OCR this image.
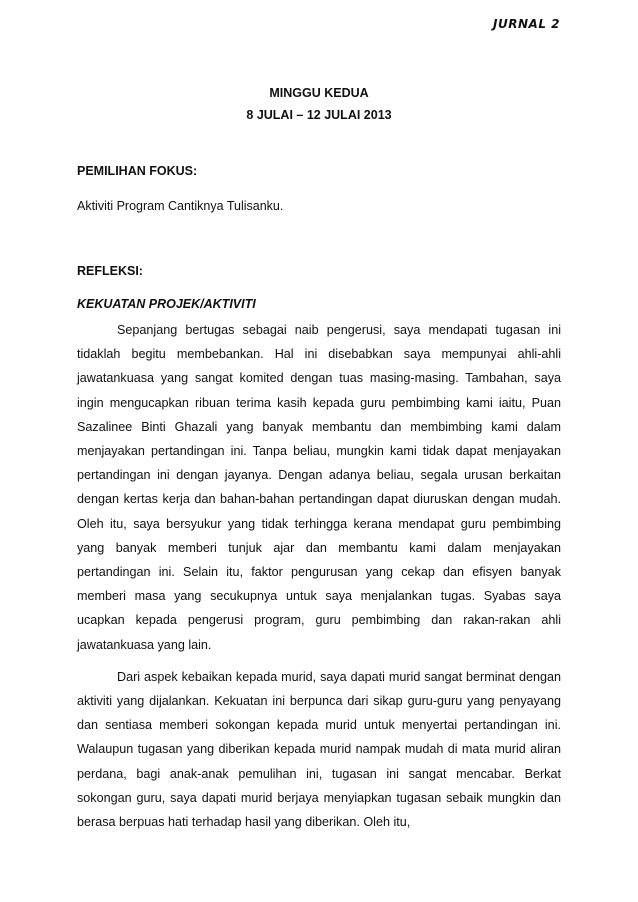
JURNAL 2
MINGGU KEDUA
8 JULAI – 12 JULAI 2013
PEMILIHAN FOKUS:
Aktiviti Program Cantiknya Tulisanku.
REFLEKSI:
KEKUATAN PROJEK/AKTIVITI

Sepanjang bertugas sebagai naib pengerusi, saya mendapati tugasan ini tidaklah begitu membebankan. Hal ini disebabkan saya mempunyai ahli-ahli jawatankuasa yang sangat komited dengan tuas masing-masing. Tambahan, saya ingin mengucapkan ribuan terima kasih kepada guru pembimbing kami iaitu, Puan Sazalinee Binti Ghazali yang banyak membantu dan membimbing kami dalam menjayakan pertandingan ini. Tanpa beliau, mungkin kami tidak dapat menjayakan pertandingan ini dengan jayanya. Dengan adanya beliau, segala urusan berkaitan dengan kertas kerja dan bahan-bahan pertandingan dapat diuruskan dengan mudah. Oleh itu, saya bersyukur yang tidak terhingga kerana mendapat guru pembimbing yang banyak memberi tunjuk ajar dan membantu kami dalam menjayakan pertandingan ini. Selain itu, faktor pengurusan yang cekap dan efisyen banyak memberi masa yang secukupnya untuk saya menjalankan tugas. Syabas saya ucapkan kepada pengerusi program, guru pembimbing dan rakan-rakan ahli jawatankuasa yang lain.

Dari aspek kebaikan kepada murid, saya dapati murid sangat berminat dengan aktiviti yang dijalankan. Kekuatan ini berpunca dari sikap guru-guru yang penyayang dan sentiasa memberi sokongan kepada murid untuk menyertai pertandingan ini. Walaupun tugasan yang diberikan kepada murid nampak mudah di mata murid aliran perdana, bagi anak-anak pemulihan ini, tugasan ini sangat mencabar. Berkat sokongan guru, saya dapati murid berjaya menyiapkan tugasan sebaik mungkin dan berasa berpuas hati terhadap hasil yang diberikan. Oleh itu,
